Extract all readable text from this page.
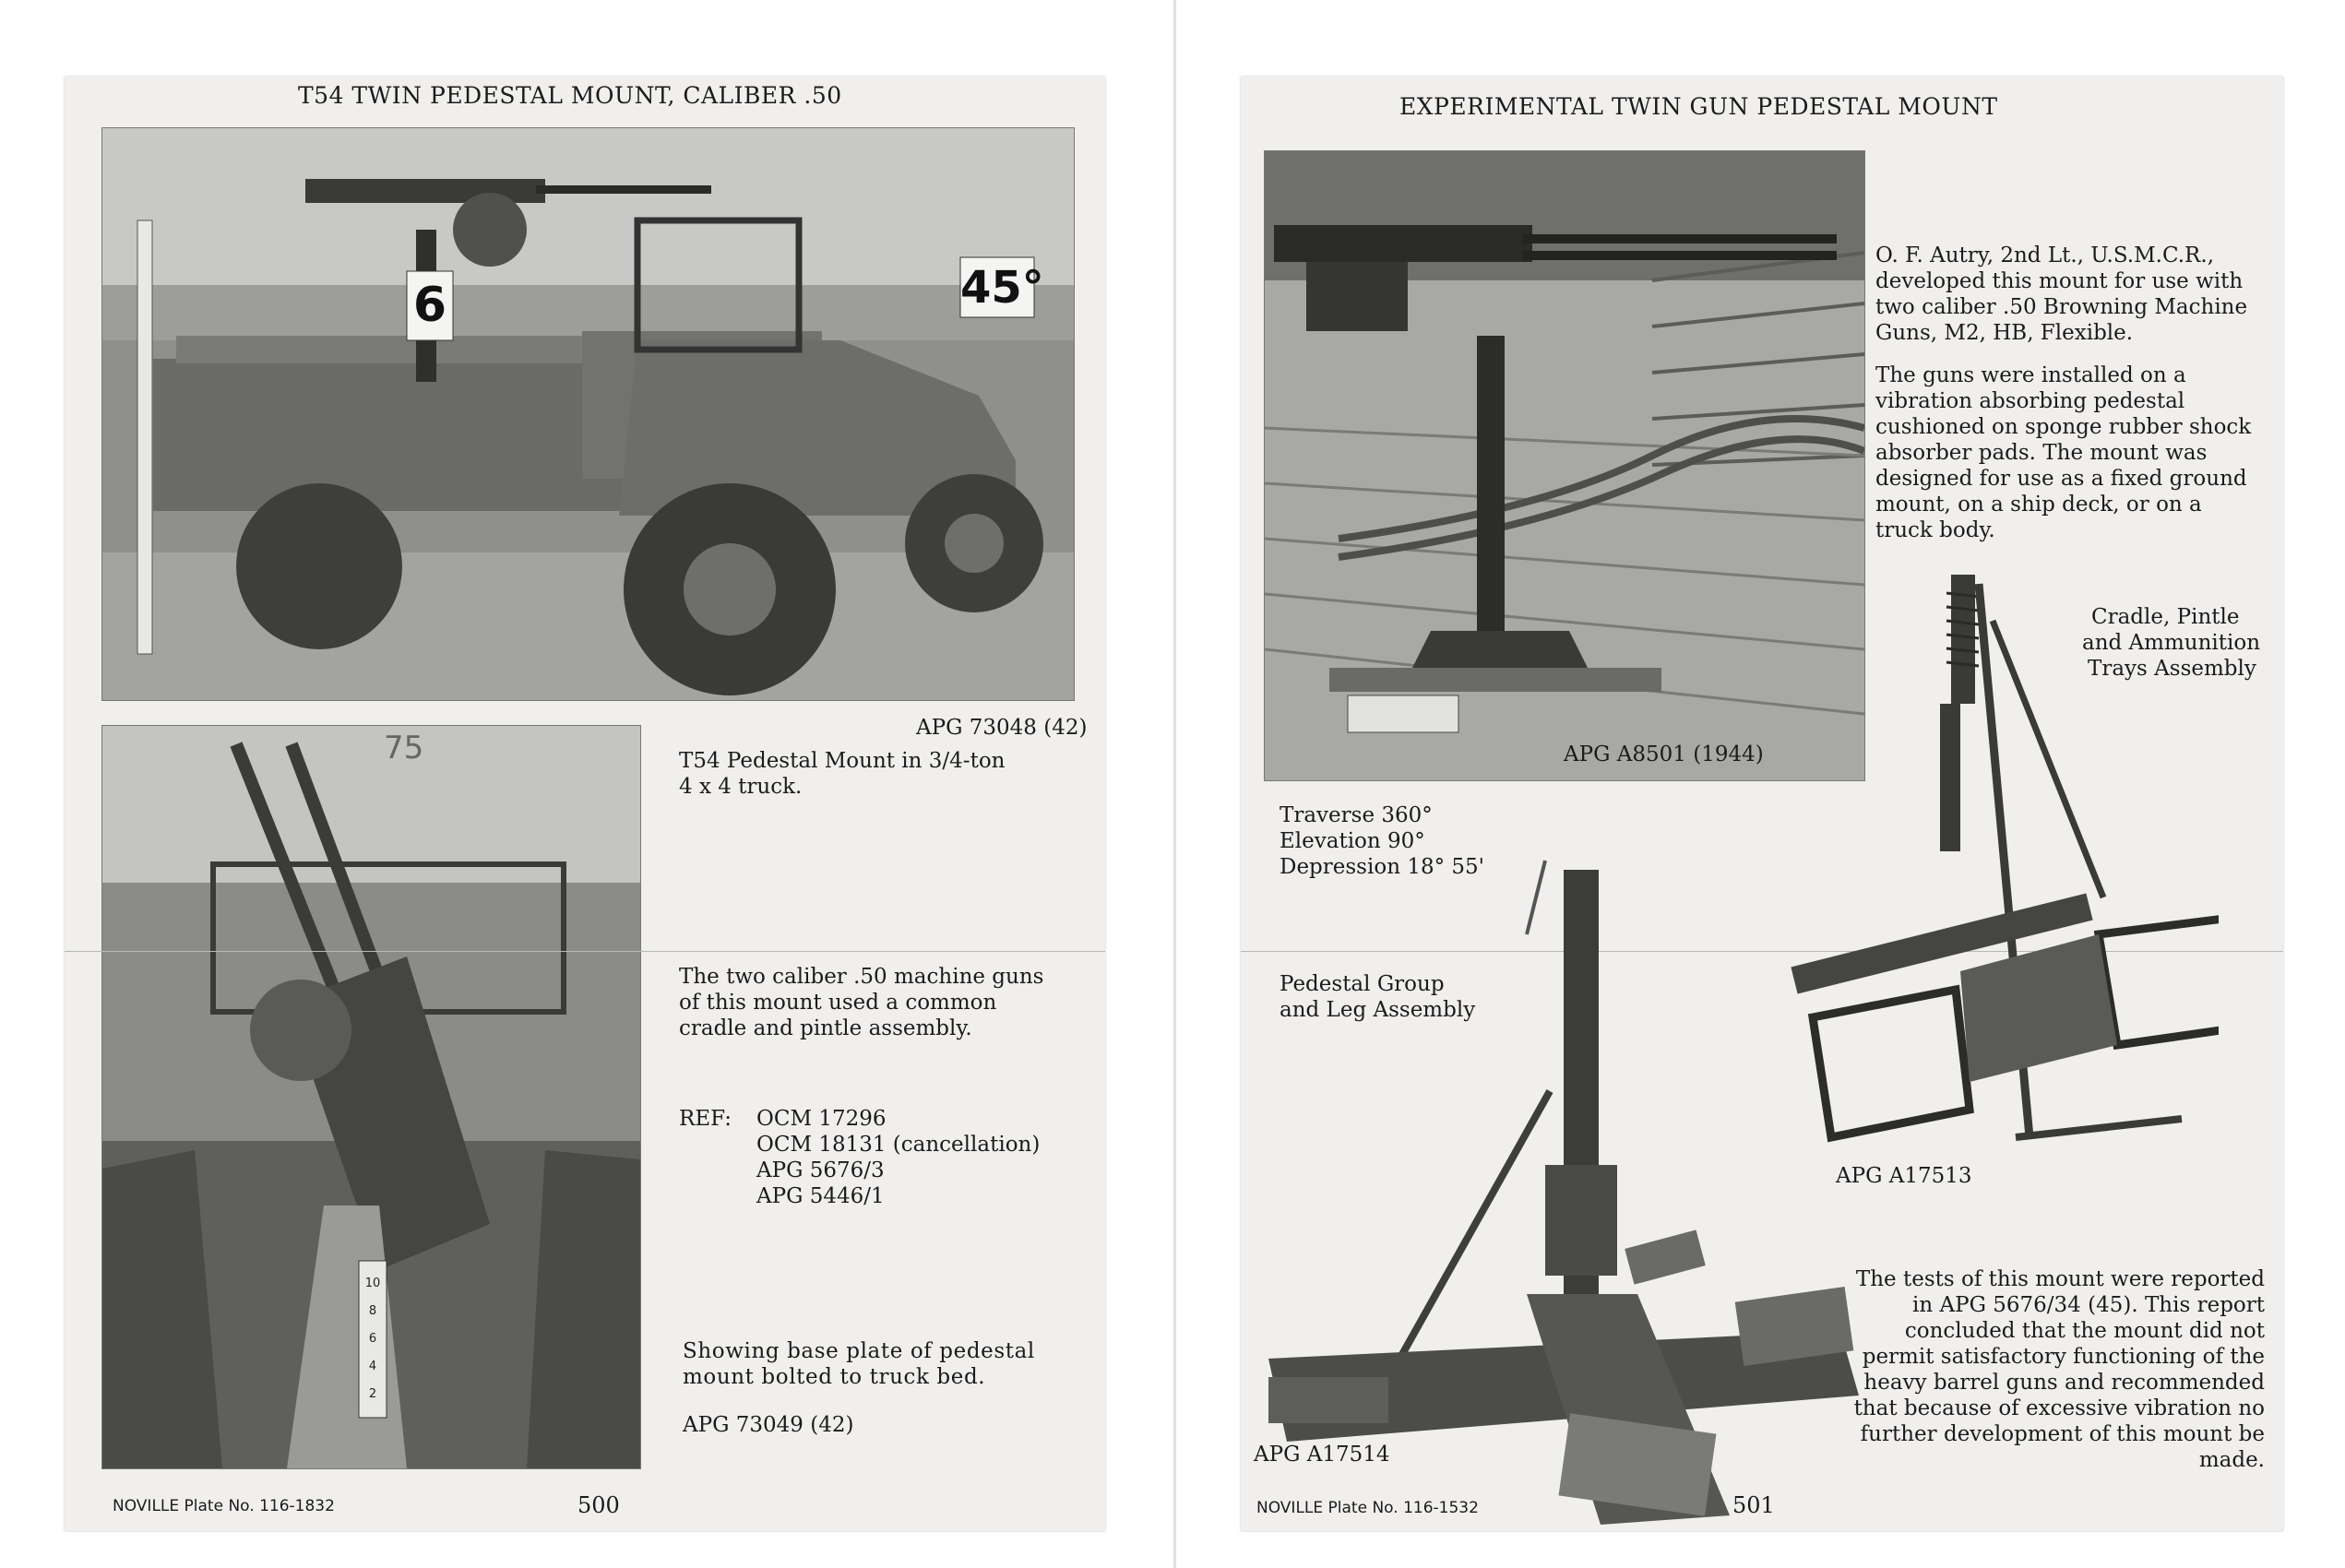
T54 TWIN PEDESTAL MOUNT, CALIBER .50
6	45°
APG 73048 (42)
T54 Pedestal Mount in 3/4-ton
4 x 4 truck.
75
10
8
6
4
2
The two caliber .50 machine guns of this mount used a common cradle and pintle assembly.
REF: OCM 17296
OCM 18131 (cancellation)
APG 5676/3
APG 5446/1
Showing base plate of pedestal mount bolted to truck bed.
APG 73049 (42)
NOVILLE Plate No. 116-1832	500
EXPERIMENTAL TWIN GUN PEDESTAL MOUNT
O. F. Autry, 2nd Lt., U.S.M.C.R., developed this mount for use with two caliber .50 Browning Machine Guns, M2, HB, Flexible.
The guns were installed on a vibration absorbing pedestal cushioned on sponge rubber shock absorber pads. The mount was designed for use as a fixed ground mount, on a ship deck, or on a truck body.
APG A8501 (1944)
Traverse 360°
Elevation 90°
Depression 18° 55'
Pedestal Group
and Leg Assembly
Cradle, Pintle
and Ammunition
Trays Assembly
APG A17513
APG A17514
The tests of this mount were reported in APG 5676/34 (45). This report concluded that the mount did not permit satisfactory functioning of the heavy barrel guns and recommended that because of excessive vibration no further development of this mount be made.
NOVILLE Plate No. 116-1532	501
